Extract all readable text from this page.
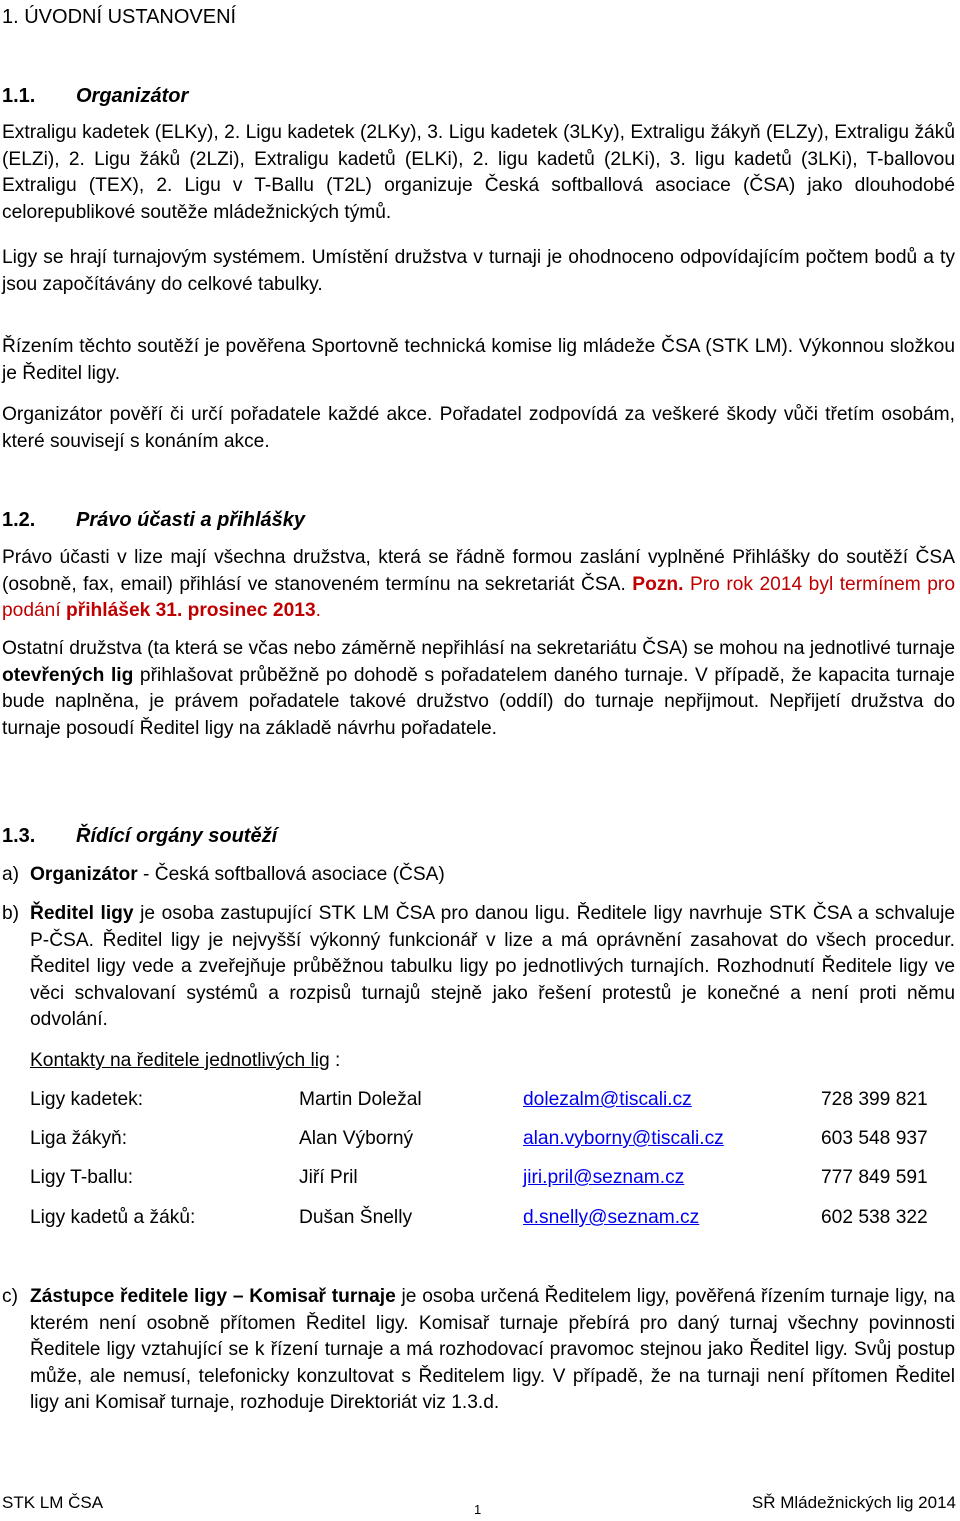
1. ÚVODNÍ USTANOVENÍ

1.1. Organizátor

Extraligu kadetek (ELKy), 2. Ligu kadetek (2LKy), 3. Ligu kadetek (3LKy), Extraligu žákyň (ELZy), Extraligu žáků (ELZi), 2. Ligu žáků (2LZi), Extraligu kadetů (ELKi), 2. ligu kadetů (2LKi), 3. ligu kadetů (3LKi), T-ballovou Extraligu (TEX), 2. Ligu v T-Ballu (T2L) organizuje Česká softballová asociace (ČSA) jako dlouhodobé celorepublikové soutěže mládežnických týmů.

Ligy se hrají turnajovým systémem. Umístění družstva v turnaji je ohodnoceno odpovídajícím počtem bodů a ty jsou započítávány do celkové tabulky.

Řízením těchto soutěží je pověřena Sportovně technická komise lig mládeže ČSA (STK LM). Výkonnou složkou je Ředitel ligy.

Organizátor pověří či určí pořadatele každé akce. Pořadatel zodpovídá za veškeré škody vůči třetím osobám, které souvisejí s konáním akce.

1.2. Právo účasti a přihlášky

Právo účasti v lize mají všechna družstva, která se řádně formou zaslání vyplněné Přihlášky do soutěží ČSA (osobně, fax, email) přihlásí ve stanoveném termínu na sekretariát ČSA. Pozn. Pro rok 2014 byl termínem pro podání přihlášek 31. prosinec 2013.

Ostatní družstva (ta která se včas nebo záměrně nepřihlásí na sekretariátu ČSA) se mohou na jednotlivé turnaje otevřených lig přihlašovat průběžně po dohodě s pořadatelem daného turnaje. V případě, že kapacita turnaje bude naplněna, je právem pořadatele takové družstvo (oddíl) do turnaje nepřijmout. Nepřijetí družstva do turnaje posoudí Ředitel ligy na základě návrhu pořadatele.

1.3. Řídící orgány soutěží
a) Organizátor - Česká softballová asociace (ČSA)
b) Ředitel ligy je osoba zastupující STK LM ČSA pro danou ligu. Ředitele ligy navrhuje STK ČSA a schvaluje P-ČSA. Ředitel ligy je nejvyšší výkonný funkcionář v lize a má oprávnění zasahovat do všech procedur. Ředitel ligy vede a zveřejňuje průběžnou tabulku ligy po jednotlivých turnajích. Rozhodnutí Ředitele ligy ve věci schvalovaní systémů a rozpisů turnajů stejně jako řešení protestů je konečné a není proti němu odvolání.
Kontakty na ředitele jednotlivých lig :
Ligy kadetek:	Martin Doležal	dolezalm@tiscali.cz	728 399 821
Liga žákyň:	Alan Výborný	alan.vyborny@tiscali.cz	603 548 937
Ligy T-ballu:	Jiří Pril	jiri.pril@seznam.cz	777 849 591
Ligy kadetů a žáků:	Dušan Šnelly	d.snelly@seznam.cz	602 538 322
c) Zástupce ředitele ligy – Komisař turnaje je osoba určená Ředitelem ligy, pověřená řízením turnaje ligy, na kterém není osobně přítomen Ředitel ligy. Komisař turnaje přebírá pro daný turnaj všechny povinnosti Ředitele ligy vztahující se k řízení turnaje a má rozhodovací pravomoc stejnou jako Ředitel ligy. Svůj postup může, ale nemusí, telefonicky konzultovat s Ředitelem ligy. V případě, že na turnaji není přítomen Ředitel ligy ani Komisař turnaje, rozhoduje Direktoriát viz 1.3.d.
STK LM ČSA	1	SŘ Mládežnických lig 2014
